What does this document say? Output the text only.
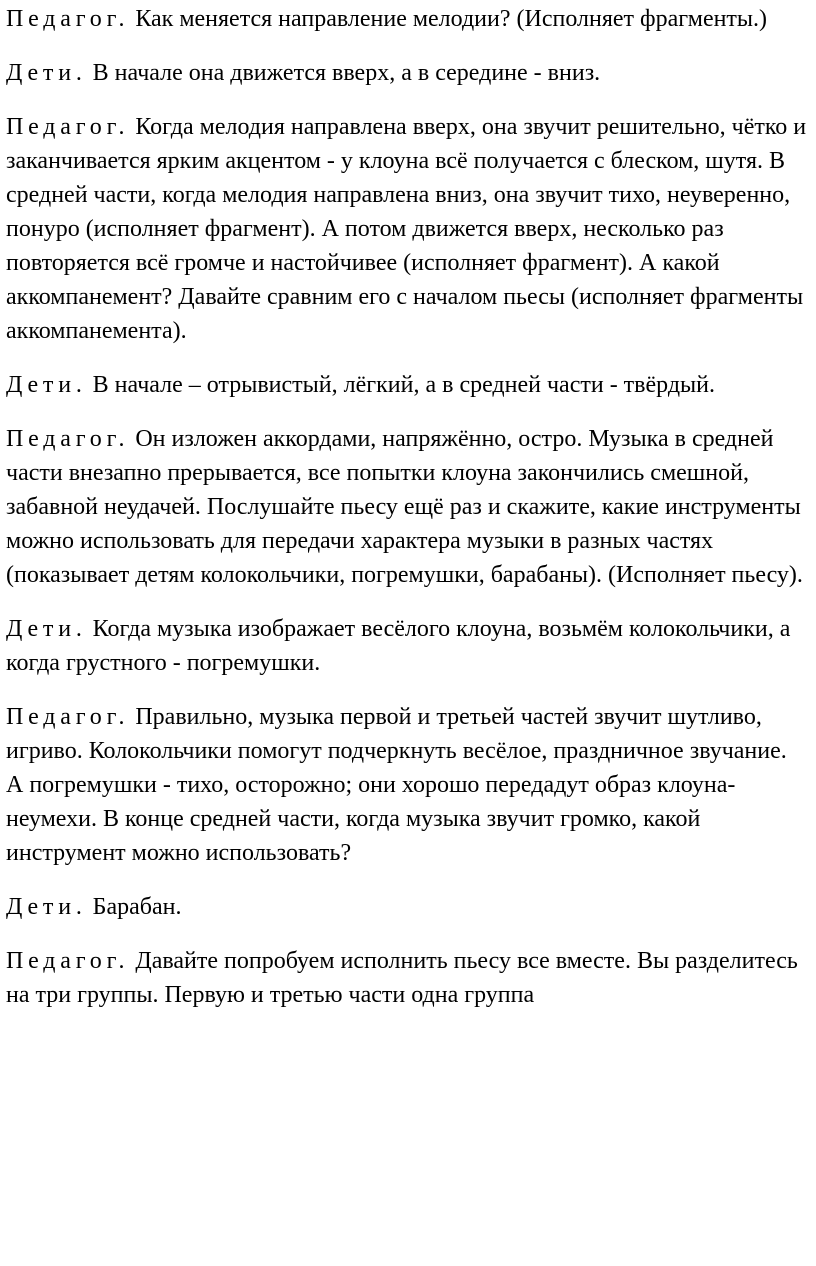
Педагог. Как меняется направление мелодии? (Исполняет фрагменты.)

Дети. В начале она движется вверх, а в середине - вниз.

Педагог. Когда мелодия направлена вверх, она звучит решительно, чётко и заканчивается ярким акцентом - у клоуна всё получается с блеском, шутя. В средней части, когда мелодия направлена вниз, она звучит тихо, неуверенно, понуро (исполняет фрагмент). А потом движется вверх, несколько раз повторяется всё громче и настойчивее (исполняет фрагмент). А какой аккомпанемент? Давайте сравним его с началом пьесы (исполняет фрагменты аккомпанемента).

Дети. В начале – отрывистый, лёгкий, а в средней части - твёрдый.

Педагог. Он изложен аккордами, напряжённо, остро. Музыка в средней части внезапно прерывается, все попытки клоуна закончились смешной, забавной неудачей. Послушайте пьесу ещё раз и скажите, какие инструменты можно использовать для передачи характера музыки в разных частях (показывает детям колокольчики, погремушки, барабаны). (Исполняет пьесу).

Дети. Когда музыка изображает весёлого клоуна, возьмём колокольчики, а когда грустного - погремушки.

Педагог. Правильно, музыка первой и третьей частей звучит шутливо, игриво. Колокольчики помогут подчеркнуть весёлое, праздничное звучание. А погремушки - тихо, осторожно; они хорошо передадут образ клоуна-неумехи. В конце средней части, когда музыка звучит громко, какой инструмент можно использовать?

Дети. Барабан.

Педагог. Давайте попробуем исполнить пьесу все вместе. Вы разделитесь на три группы. Первую и третью части одна группа
